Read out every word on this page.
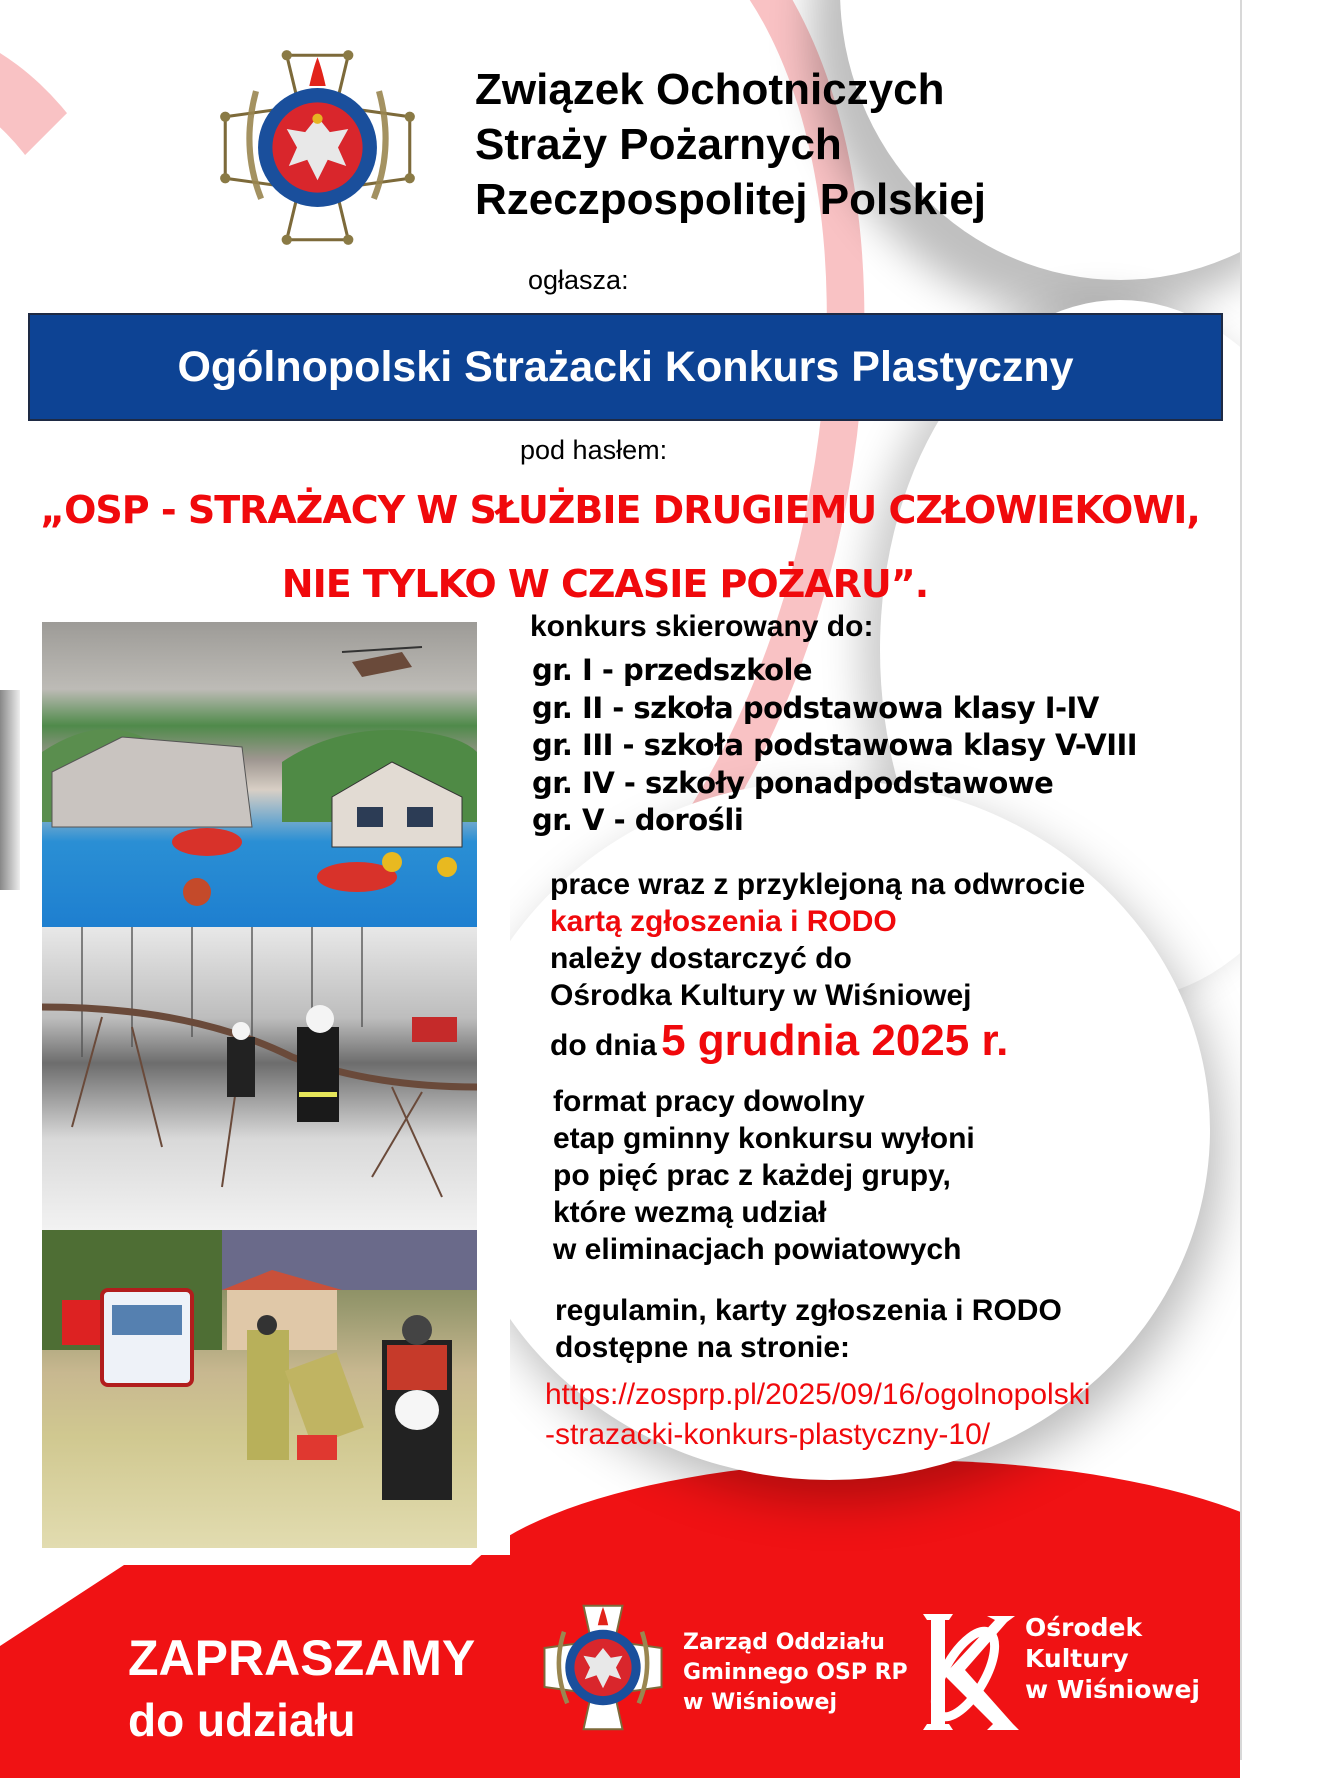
Związek Ochotniczych
Straży Pożarnych
Rzeczpospolitej Polskiej
ogłasza:
Ogólnopolski Strażacki Konkurs Plastyczny
pod hasłem:
„OSP - STRAŻACY W SŁUŻBIE DRUGIEMU CZŁOWIEKOWI,
NIE TYLKO W CZASIE POŻARU”.
konkurs skierowany do:
gr. I - przedszkole
gr. II - szkoła podstawowa klasy I-IV
gr. III - szkoła podstawowa klasy V-VIII
gr. IV - szkoły ponadpodstawowe
gr. V - dorośli
prace wraz z przyklejoną na odwrocie
kartą zgłoszenia i RODO
należy dostarczyć do
Ośrodka Kultury w Wiśniowej
do dnia 5 grudnia 2025 r.
format pracy dowolny
etap gminny konkursu wyłoni
po pięć prac z każdej grupy,
które wezmą udział
w eliminacjach powiatowych
regulamin, karty zgłoszenia i RODO
dostępne na stronie:
https://zosprp.pl/2025/09/16/ogolnopolski
-strazacki-konkurs-plastyczny-10/
ZAPRASZAMY
do udziału
Zarząd Oddziału
Gminnego OSP RP
w Wiśniowej
Ośrodek
Kultury
w Wiśniowej
